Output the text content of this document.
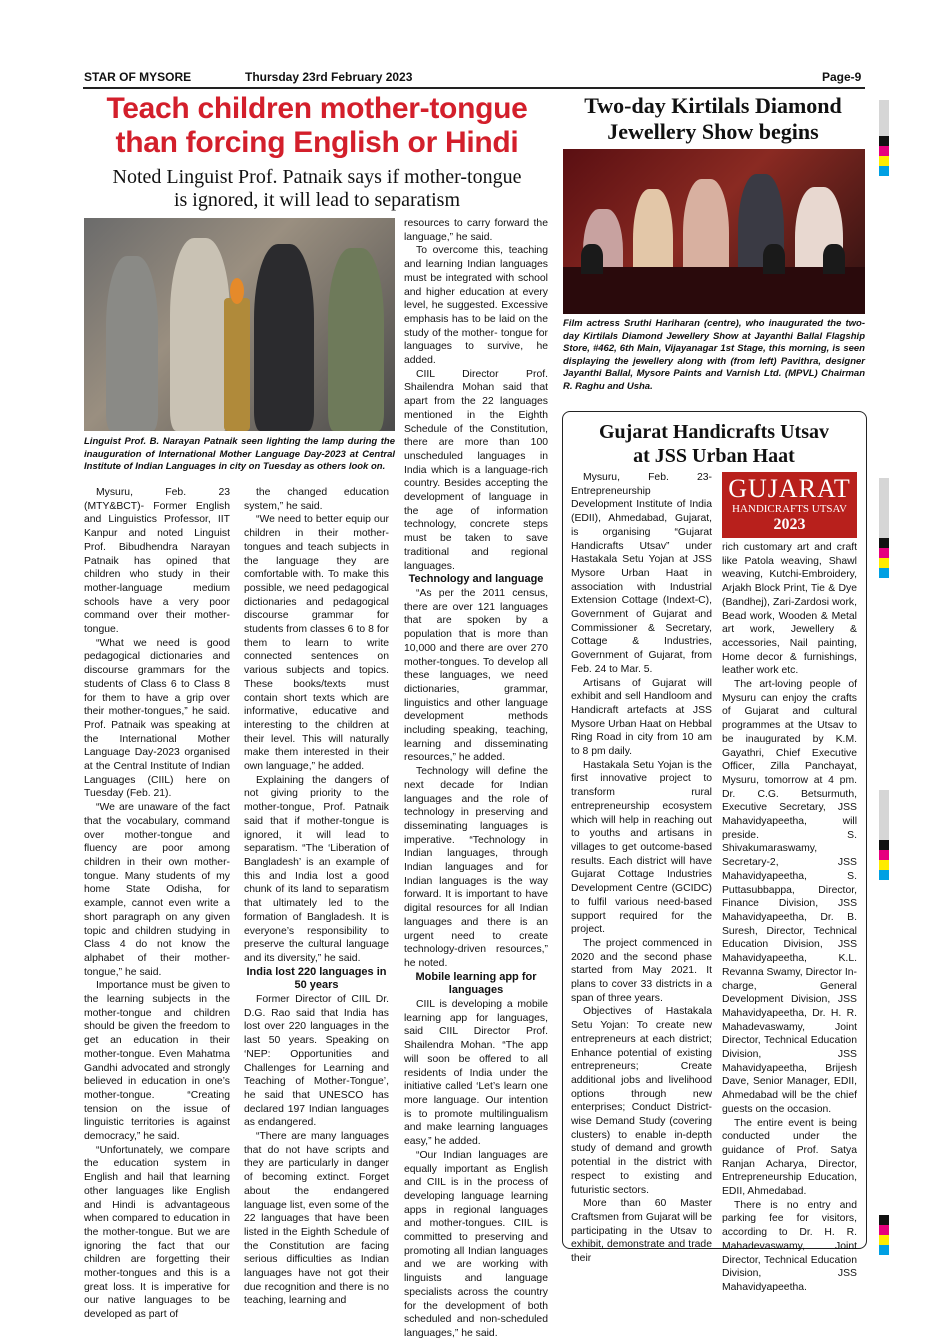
STAR OF MYSORE	Thursday 23rd February 2023	Page-9
Teach children mother-tongue
than forcing English or Hindi
Noted Linguist Prof. Patnaik says if mother-tongue
is ignored, it will lead to separatism
Linguist Prof. B. Narayan Patnaik seen lighting the lamp during the inauguration of International Mother Language Day-2023 at Central Institute of Indian Languages in city on Tuesday as others look on.

Mysuru, Feb. 23 (MTY&BCT)- Former English and Linguistics Professor, IIT Kanpur and noted Linguist Prof. Bibudhendra Narayan Patnaik has opined that children who study in their mother-language medium schools have a very poor command over their mother-tongue.

“What we need is good pedagogical dictionaries and discourse grammars for the students of Class 6 to Class 8 for them to have a grip over their mother-tongues,” he said. Prof. Patnaik was speaking at the International Mother Language Day-2023 organised at the Central Institute of Indian Languages (CIIL) here on Tuesday (Feb. 21).

“We are unaware of the fact that the vocabulary, command over mother-tongue and fluency are poor among children in their own mother-tongue. Many students of my home State Odisha, for example, cannot even write a short paragraph on any given topic and children studying in Class 4 do not know the alphabet of their mother-tongue,” he said.

Importance must be given to the learning subjects in the mother-tongue and children should be given the freedom to get an education in their mother-tongue. Even Mahatma Gandhi advocated and strongly believed in education in one’s mother-tongue. “Creating tension on the issue of linguistic territories is against democracy,” he said.

“Unfortunately, we compare the education system in English and hail that learning other languages like English and Hindi is advantageous when compared to education in the mother-tongue. But we are ignoring the fact that our children are forgetting their mother-tongues and this is a great loss. It is imperative for our native languages to be developed as part of

the changed education system,” he said.

“We need to better equip our children in their mother-tongues and teach subjects in the language they are comfortable with. To make this possible, we need pedagogical dictionaries and pedagogical discourse grammar for students from classes 6 to 8 for them to learn to write connected sentences on various subjects and topics. These books/texts must contain short texts which are informative, educative and interesting to the children at their level. This will naturally make them interested in their own language,” he added.

Explaining the dangers of not giving priority to the mother-tongue, Prof. Patnaik said that if mother-tongue is ignored, it will lead to separatism. “The ‘Liberation of Bangladesh’ is an example of this and India lost a good chunk of its land to separatism that ultimately led to the formation of Bangladesh. It is everyone’s responsibility to preserve the cultural language and its diversity,” he said.

India lost 220 languages in 50 years

Former Director of CIIL Dr. D.G. Rao said that India has lost over 220 languages in the last 50 years. Speaking on ‘NEP: Opportunities and Challenges for Learning and Teaching of Mother-Tongue’, he said that UNESCO has declared 197 Indian languages as endangered.

“There are many languages that do not have scripts and they are particularly in danger of becoming extinct. Forget about the endangered language list, even some of the 22 languages that have been listed in the Eighth Schedule of the Constitution are facing serious difficulties as Indian languages have not got their due recognition and there is no teaching, learning and

resources to carry forward the language,” he said.

To overcome this, teaching and learning Indian languages must be integrated with school and higher education at every level, he suggested. Excessive emphasis has to be laid on the study of the mother- tongue for languages to survive, he added.

CIIL Director Prof. Shailendra Mohan said that apart from the 22 languages mentioned in the Eighth Schedule of the Constitution, there are more than 100 unscheduled languages in India which is a language-rich country. Besides accepting the development of language in the age of information technology, concrete steps must be taken to save traditional and regional languages.

Technology and language

“As per the 2011 census, there are over 121 languages that are spoken by a population that is more than 10,000 and there are over 270 mother-tongues. To develop all these languages, we need dictionaries, grammar, linguistics and other language development methods including speaking, teaching, learning and disseminating resources,” he added.

Technology will define the next decade for Indian languages and the role of technology in preserving and disseminating languages is imperative. “Technology in Indian languages, through Indian languages and for Indian languages is the way forward. It is important to have digital resources for all Indian languages and there is an urgent need to create technology-driven resources,” he noted.

Mobile learning app for languages

CIIL is developing a mobile learning app for languages, said CIIL Director Prof. Shailendra Mohan. “The app will soon be offered to all residents of India under the initiative called ‘Let’s learn one more language. Our intention is to promote multilingualism and make learning languages easy,” he added.

“Our Indian languages are equally important as English and CIIL is in the process of developing language learning apps in regional languages and mother-tongues. CIIL is committed to preserving and promoting all Indian languages and we are working with linguists and language specialists across the country for the development of both scheduled and non-scheduled languages,” he said.

Two-day Kirtilals Diamond
Jewellery Show begins
Film actress Sruthi Hariharan (centre), who inaugurated the two-day Kirtilals Diamond Jewellery Show at Jayanthi Ballal Flagship Store, #462, 6th Main, Vijayanagar 1st Stage, this morning, is seen displaying the jewellery along with (from left) Pavithra, designer Jayanthi Ballal, Mysore Paints and Varnish Ltd. (MPVL) Chairman R. Raghu and Usha.
Gujarat Handicrafts Utsav
at JSS Urban Haat
GUJARAT
HANDICRAFTS UTSAV
2023

Mysuru, Feb. 23- Entrepreneurship Development Institute of India (EDII), Ahmedabad, Gujarat, is organising “Gujarat Handicrafts Utsav” under Hastakala Setu Yojan at JSS Mysore Urban Haat in association with Industrial Extension Cottage (Indext-C), Government of Gujarat and Commissioner & Secretary, Cottage & Industries, Government of Gujarat, from Feb. 24 to Mar. 5.

Artisans of Gujarat will exhibit and sell Handloom and Handicraft artefacts at JSS Mysore Urban Haat on Hebbal Ring Road in city from 10 am to 8 pm daily.

Hastakala Setu Yojan is the first innovative project to transform rural entrepreneurship ecosystem which will help in reaching out to youths and artisans in villages to get outcome-based results. Each district will have Gujarat Cottage Industries Development Centre (GCIDC) to fulfil various need-based support required for the project.

The project commenced in 2020 and the second phase started from May 2021. It plans to cover 33 districts in a span of three years.

Objectives of Hastakala Setu Yojan: To create new entrepreneurs at each district; Enhance potential of existing entrepreneurs; Create additional jobs and livelihood options through new enterprises; Conduct District-wise Demand Study (covering clusters) to enable in-depth study of demand and growth potential in the district with respect to existing and futuristic sectors.

More than 60 Master Craftsmen from Gujarat will be participating in the Utsav to exhibit, demonstrate and trade their

rich customary art and craft like Patola weaving, Shawl weaving, Kutchi-Embroidery, Arjakh Block Print, Tie & Dye (Bandhej), Zari-Zardosi work, Bead work, Wooden & Metal art work, Jewellery & accessories, Nail painting, Home decor & furnishings, leather work etc.

The art-loving people of Mysuru can enjoy the crafts of Gujarat and cultural programmes at the Utsav to be inaugurated by K.M. Gayathri, Chief Executive Officer, Zilla Panchayat, Mysuru, tomorrow at 4 pm. Dr. C.G. Betsurmuth, Executive Secretary, JSS Mahavidyapeetha, will preside. S. Shivakumaraswamy, Secretary-2, JSS Mahavidyapeetha, S. Puttasubbappa, Director, Finance Division, JSS Mahavidyapeetha, Dr. B. Suresh, Director, Technical Education Division, JSS Mahavidyapeetha, K.L. Revanna Swamy, Director In-charge, General Development Division, JSS Mahavidyapeetha, Dr. H. R. Mahadevaswamy, Joint Director, Technical Education Division, JSS Mahavidyapeetha, Brijesh Dave, Senior Manager, EDII, Ahmedabad will be the chief guests on the occasion.

The entire event is being conducted under the guidance of Prof. Satya Ranjan Acharya, Director, Entrepreneurship Education, EDII, Ahmedabad.

There is no entry and parking fee for visitors, according to Dr. H. R. Mahadevaswamy, Joint Director, Technical Education Division, JSS Mahavidyapeetha.
